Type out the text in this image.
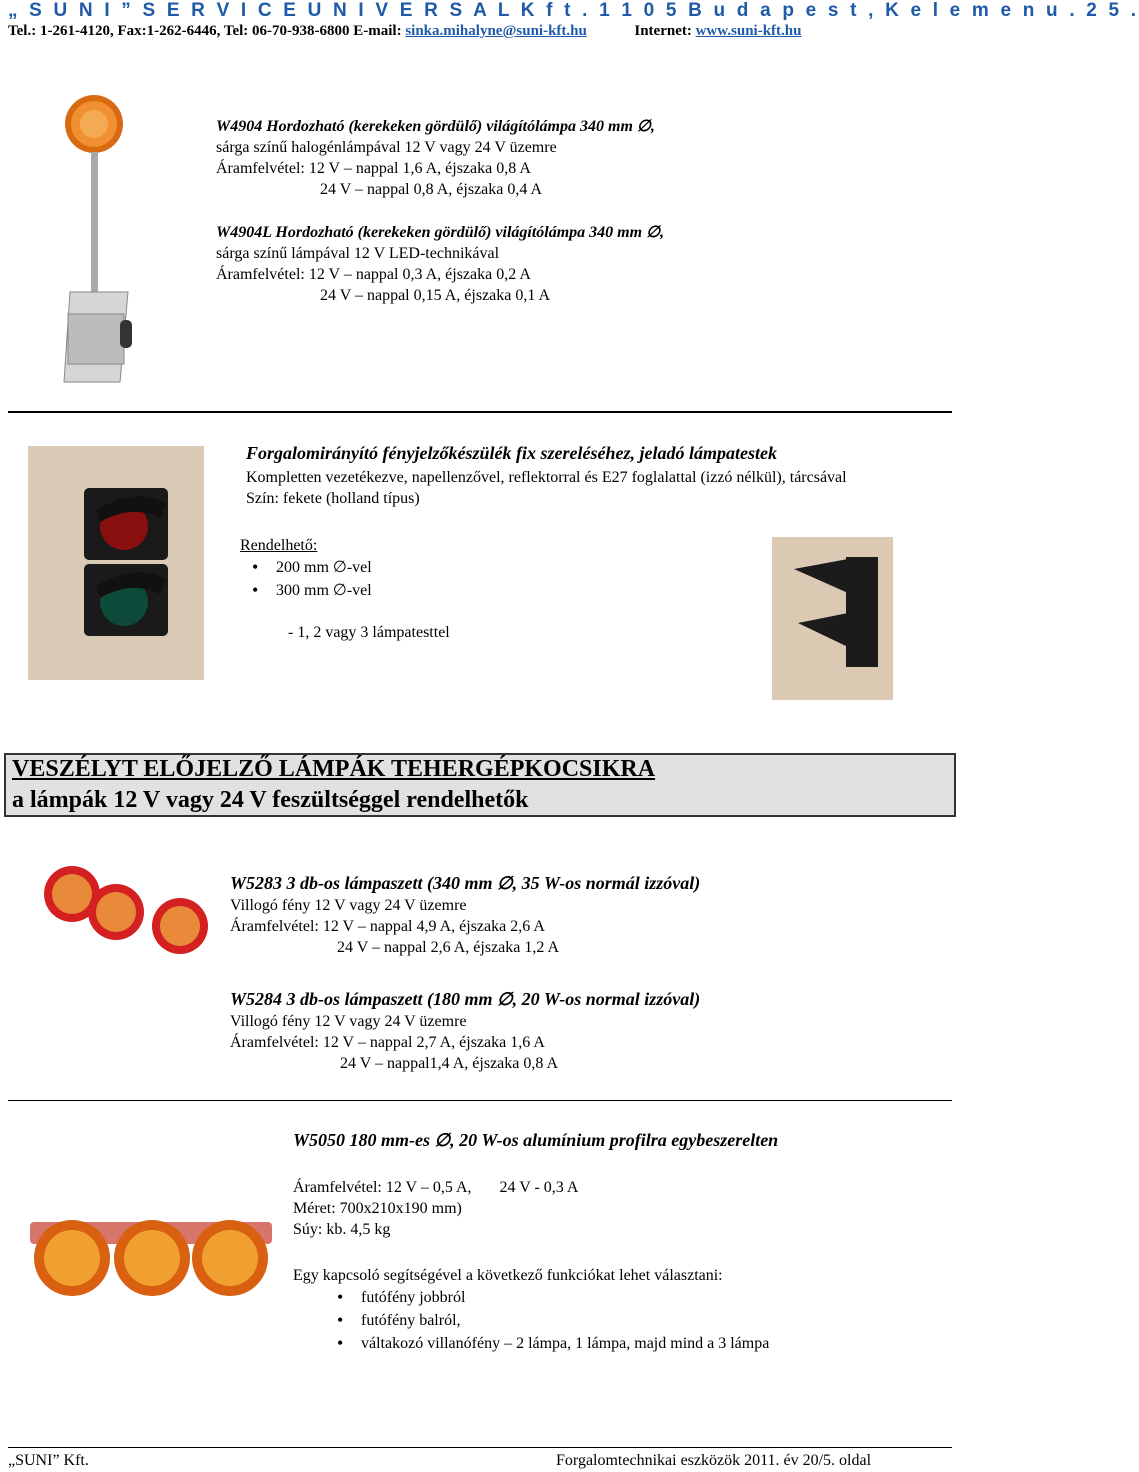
„ S U N I ” S E R V I C E U N I V E R S A L K f t . 1 1 0 5 B u d a p e s t , K e l e m e n u . 2 5 .
Tel.: 1-261-4120, Fax:1-262-6446, Tel: 06-70-938-6800 E-mail: sinka.mihalyne@suni-kft.hu	Internet: www.suni-kft.hu
W4904 Hordozható (kerekeken gördülő) világítólámpa 340 mm ∅,
sárga színű halogénlámpával 12 V vagy 24 V üzemre
Áramfelvétel: 12 V – nappal 1,6 A, éjszaka 0,8 A
24 V – nappal 0,8 A, éjszaka 0,4 A
W4904L Hordozható (kerekeken gördülő) világítólámpa 340 mm ∅,
sárga színű lámpával 12 V LED-technikával
Áramfelvétel: 12 V – nappal 0,3 A, éjszaka 0,2 A
24 V – nappal 0,15 A, éjszaka 0,1 A
Forgalomirányító fényjelzőkészülék fix szereléséhez, jeladó lámpatestek
Kompletten vezetékezve, napellenzővel, reflektorral és E27 foglalattal (izzó nélkül), tárcsával
Szín: fekete (holland típus)
Rendelhető:
• 200 mm ∅-vel
• 300 mm ∅-vel
- 1, 2 vagy 3 lámpatesttel
VESZÉLYT ELŐJELZŐ LÁMPÁK TEHERGÉPKOCSIKRA
a lámpák 12 V vagy 24 V feszültséggel rendelhetők
W5283 3 db-os lámpaszett (340 mm ∅, 35 W-os normál izzóval)
Villogó fény 12 V vagy 24 V üzemre
Áramfelvétel: 12 V – nappal 4,9 A, éjszaka 2,6 A
24 V – nappal 2,6 A, éjszaka 1,2 A
W5284 3 db-os lámpaszett (180 mm ∅, 20 W-os normal izzóval)
Villogó fény 12 V vagy 24 V üzemre
Áramfelvétel: 12 V – nappal 2,7 A, éjszaka 1,6 A
24 V – nappal1,4 A, éjszaka 0,8 A
W5050 180 mm-es ∅, 20 W-os alumínium profilra egybeszerelten
Áramfelvétel: 12 V – 0,5 A, 24 V - 0,3 A
Méret: 700x210x190 mm)
Súy: kb. 4,5 kg
Egy kapcsoló segítségével a következő funkciókat lehet választani:
• futófény jobbról
• futófény balról,
• váltakozó villanófény – 2 lámpa, 1 lámpa, majd mind a 3 lámpa
„SUNI” Kft.	Forgalomtechnikai eszközök 2011. év 20/5. oldal
